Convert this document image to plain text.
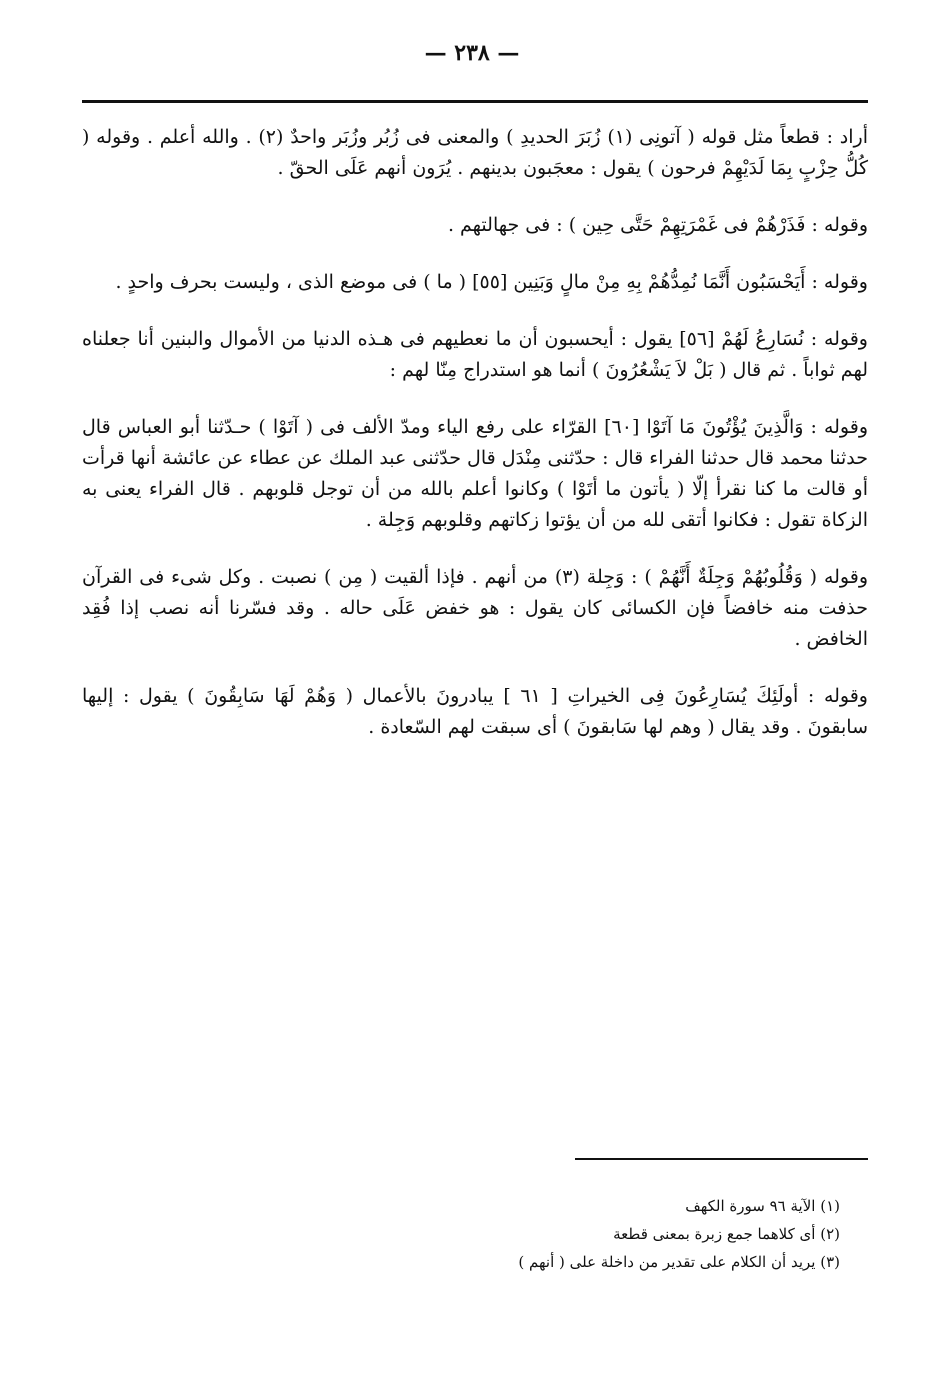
— ٢٣٨ —

أراد : قطعاً مثل قوله ( آتونِى (١) زُبَرَ الحديدِ ) والمعنى فى زُبُر وزُبَر واحدٌ (٢) . والله أعلم . وقوله ( كُلُّ حِزْبٍ بِمَا لَدَيْهِمْ فرحون ) يقول : معجَبون بدينهم . يُرَون أنهم عَلَى الحقّ .

وقوله : فَذَرْهُمْ فى غَمْرَتِهِمْ حَتَّى حِين ) : فى جهالتهم .

وقوله : أَيَحْسَبُون أَنَّمَا نُمِدُّهُمْ بِهِ مِنْ مالٍ وَبَنِين [٥٥] ( ما ) فى موضع الذى ، وليست بحرف واحدٍ .

وقوله : نُسَارِعُ لَهُمْ [٥٦] يقول : أيحسبون أن ما نعطيهم فى هـذه الدنيا من الأموال والبنين أنا جعلناه لهم ثواباً . ثم قال ( بَلْ لاَ يَشْعُرُونَ ) أنما هو استدراج مِنّا لهم :

وقوله : وَالَّذِينَ يُؤْتُونَ مَا آتَوْا [٦٠] القرّاء على رفع الياء ومدّ الألف فى ( آتَوْا ) حـدّثنا أبو العباس قال حدثنا محمد قال حدثنا الفراء قال : حدّثنى مِنْدَل قال حدّثنى عبد الملك عن عطاء عن عائشة أنها قرأت أو قالت ما كنا نقرأ إلّا ( يأتون ما أتَوْا ) وكانوا أعلم بالله من أن توجل قلوبهم . قال الفراء يعنى به الزكاة تقول : فكانوا أتقى لله من أن يؤتوا زكاتهم وقلوبهم وَجِلة .

وقوله ( وَقُلُوبُهُمْ وَجِلَةٌ أَنَّهُمْ ) : وَجِلة (٣) من أنهم . فإذا ألقيت ( مِن ) نصبت . وكل شىء فى القرآن حذفت منه خافضاً فإن الكسائى كان يقول : هو خفض عَلَى حاله . وقد فسّرنا أنه نصب إذا فُقِد الخافض .

وقوله : أولَئِكَ يُسَارِعُونَ فِى الخيراتِ [ ٦١ ] يبادرونَ بالأعمال ( وَهُمْ لَهَا سَابِقُونَ ) يقول : إليها سابقونَ . وقد يقال ( وهم لها سَابقونَ ) أى سبقت لهم السّعادة .

(١) الآية ٩٦ سورة الكهف

(٢) أى كلاهما جمع زبرة بمعنى قطعة

(٣) يريد أن الكلام على تقدير من داخلة على ( أنهم )
